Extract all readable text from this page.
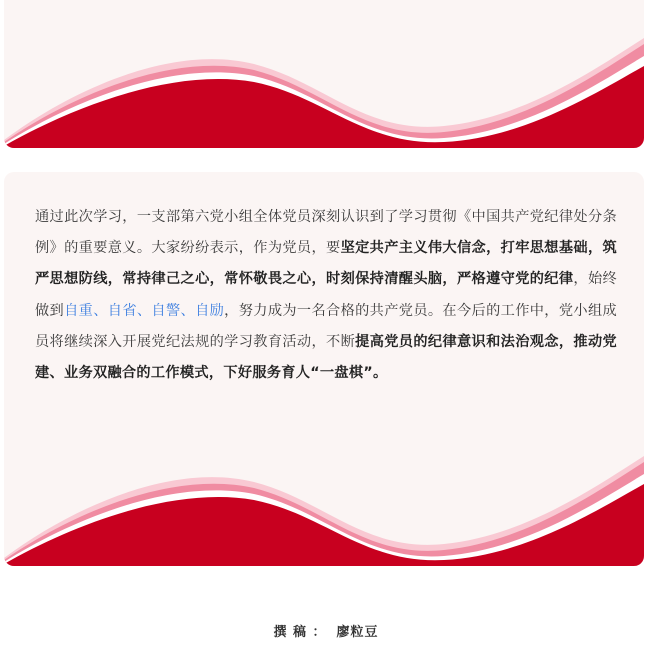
通过此次学习，一支部第六党小组全体党员深刻认识到了学习贯彻《中国共产党纪律处分条例》的重要意义。大家纷纷表示，作为党员，要坚定共产主义伟大信念，打牢思想基础，筑严思想防线，常持律己之心，常怀敬畏之心，时刻保持清醒头脑，严格遵守党的纪律，始终做到自重、自省、自警、自励，努力成为一名合格的共产党员。在今后的工作中，党小组成员将继续深入开展党纪法规的学习教育活动，不断提高党员的纪律意识和法治观念，推动党建、业务双融合的工作模式，下好服务育人“一盘棋”。
撰 稿 ： 廖粒豆
